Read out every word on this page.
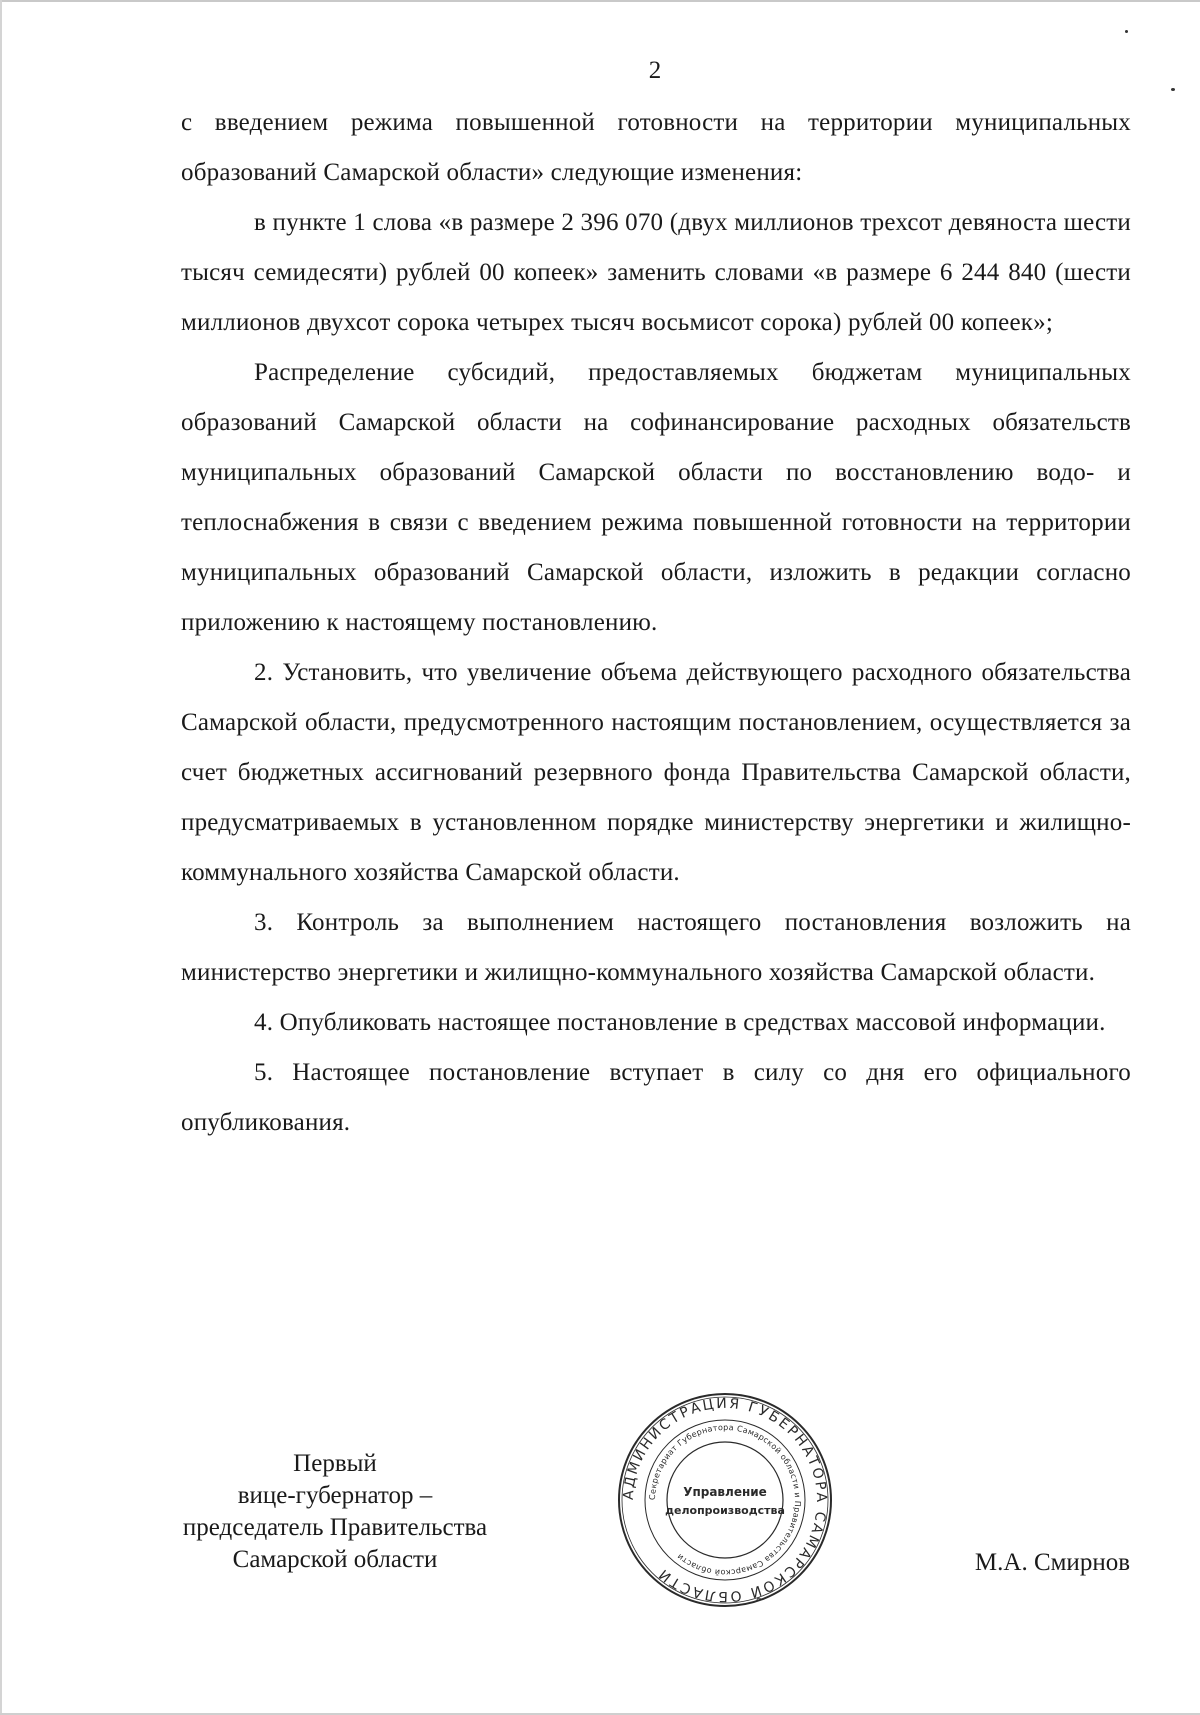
2

с введением режима повышенной готовности на территории муниципальных образований Самарской области» следующие изменения:

в пункте 1 слова «в размере 2 396 070 (двух миллионов трехсот девяноста шести тысяч семидесяти) рублей 00 копеек» заменить словами «в размере 6 244 840 (шести миллионов двухсот сорока четырех тысяч восьмисот сорока) рублей 00 копеек»;

Распределение субсидий, предоставляемых бюджетам муниципальных образований Самарской области на софинансирование расходных обязательств муниципальных образований Самарской области по восстановлению водо- и теплоснабжения в связи с введением режима повышенной готовности на территории муниципальных образований Самарской области, изложить в редакции согласно приложению к настоящему постановлению.

2. Установить, что увеличение объема действующего расходного обязательства Самарской области, предусмотренного настоящим постановлением, осуществляется за счет бюджетных ассигнований резервного фонда Правительства Самарской области, предусматриваемых в установленном порядке министерству энергетики и жилищно-коммунального хозяйства Самарской области.

3. Контроль за выполнением настоящего постановления возложить на министерство энергетики и жилищно-коммунального хозяйства Самарской области.

4. Опубликовать настоящее постановление в средствах массовой информации.

5. Настоящее постановление вступает в силу со дня его официального опубликования.

Первый
вице-губернатор –
председатель Правительства
Самарской области
АДМИНИСТРАЦИЯ ГУБЕРНАТОРА САМАРСКОЙ ОБЛАСТИ
Секретариат Губернатора Самарской области и Правительства Самарской области
Управление
делопроизводства
М.А. Смирнов
